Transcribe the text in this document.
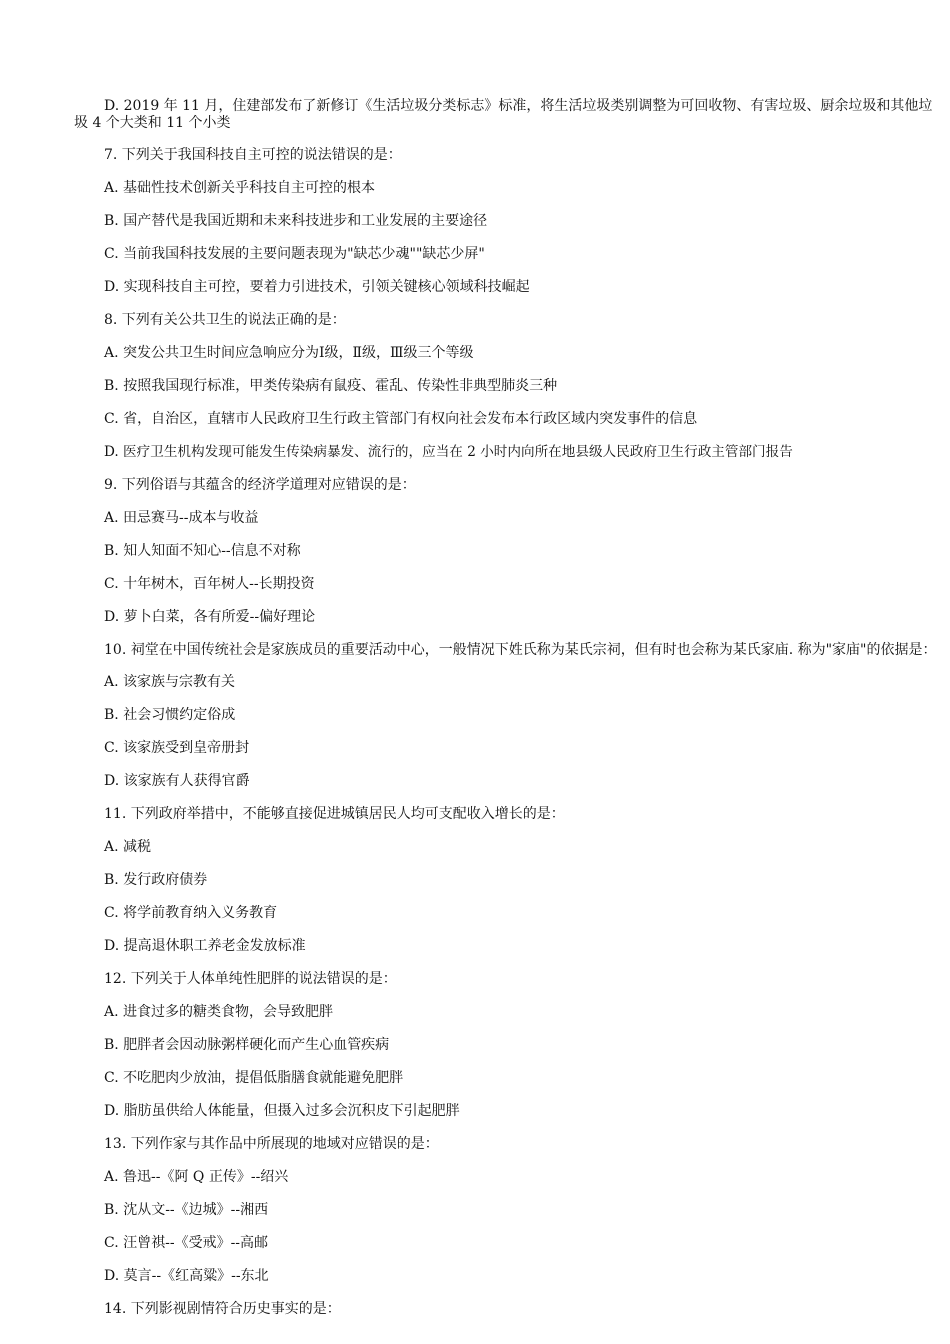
D. 2019 年 11 月，住建部发布了新修订《生活垃圾分类标志》标准，将生活垃圾类别调整为可回收物、有害垃圾、厨余垃圾和其他垃圾 4 个大类和 11 个小类

7. 下列关于我国科技自主可控的说法错误的是：

A. 基础性技术创新关乎科技自主可控的根本

B. 国产替代是我国近期和未来科技进步和工业发展的主要途径

C. 当前我国科技发展的主要问题表现为"缺芯少魂""缺芯少屏"

D. 实现科技自主可控，要着力引进技术，引领关键核心领域科技崛起

8. 下列有关公共卫生的说法正确的是：

A. 突发公共卫生时间应急响应分为Ⅰ级，Ⅱ级，Ⅲ级三个等级

B. 按照我国现行标准，甲类传染病有鼠疫、霍乱、传染性非典型肺炎三种

C. 省，自治区，直辖市人民政府卫生行政主管部门有权向社会发布本行政区域内突发事件的信息

D. 医疗卫生机构发现可能发生传染病暴发、流行的，应当在 2 小时内向所在地县级人民政府卫生行政主管部门报告

9. 下列俗语与其蕴含的经济学道理对应错误的是：

A. 田忌赛马--成本与收益

B. 知人知面不知心--信息不对称

C. 十年树木，百年树人--长期投资

D. 萝卜白菜，各有所爱--偏好理论

10. 祠堂在中国传统社会是家族成员的重要活动中心，一般情况下姓氏称为某氏宗祠，但有时也会称为某氏家庙. 称为"家庙"的依据是：

A. 该家族与宗教有关

B. 社会习惯约定俗成

C. 该家族受到皇帝册封

D. 该家族有人获得官爵

11. 下列政府举措中，不能够直接促进城镇居民人均可支配收入增长的是：

A. 减税

B. 发行政府债券

C. 将学前教育纳入义务教育

D. 提高退休职工养老金发放标准

12. 下列关于人体单纯性肥胖的说法错误的是：

A. 进食过多的糖类食物，会导致肥胖

B. 肥胖者会因动脉粥样硬化而产生心血管疾病

C. 不吃肥肉少放油，提倡低脂膳食就能避免肥胖

D. 脂肪虽供给人体能量，但摄入过多会沉积皮下引起肥胖

13. 下列作家与其作品中所展现的地域对应错误的是：

A. 鲁迅--《阿 Q 正传》--绍兴

B. 沈从文--《边城》--湘西

C. 汪曾祺--《受戒》--高邮

D. 莫言--《红高粱》--东北

14. 下列影视剧情符合历史事实的是：
